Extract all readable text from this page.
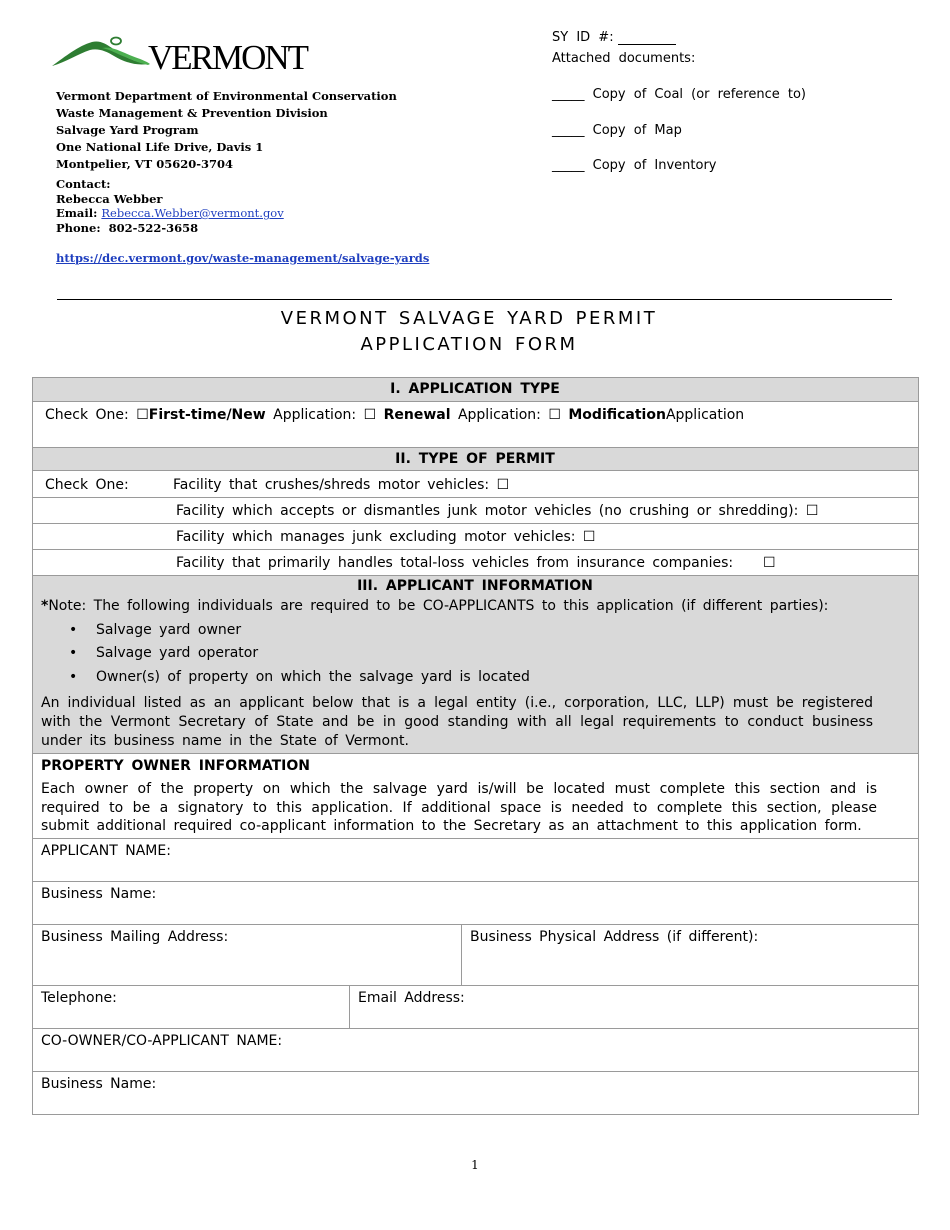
VERMONT
Vermont Department of Environmental Conservation
Waste Management & Prevention Division
Salvage Yard Program
One National Life Drive, Davis 1
Montpelier, VT 05620-3704
Contact:
Rebecca Webber
Email: Rebecca.Webber@vermont.gov
Phone: 802-522-3658
https://dec.vermont.gov/waste-management/salvage-yards
SY ID #:
Attached documents:
_____ Copy of Coal (or reference to)
_____ Copy of Map
_____ Copy of Inventory
VERMONT SALVAGE YARD PERMIT
APPLICATION FORM
I. APPLICATION TYPE
Check One: ☐First-time/New Application: ☐ Renewal Application: ☐ ModificationApplication
II. TYPE OF PERMIT
Check One:	Facility that crushes/shreds motor vehicles: ☐
Facility which accepts or dismantles junk motor vehicles (no crushing or shredding): ☐
Facility which manages junk excluding motor vehicles: ☐
Facility that primarily handles total-loss vehicles from insurance companies: ☐
III. APPLICANT INFORMATION
*Note: The following individuals are required to be CO-APPLICANTS to this application (if different parties):
• Salvage yard owner
• Salvage yard operator
• Owner(s) of property on which the salvage yard is located
An individual listed as an applicant below that is a legal entity (i.e., corporation, LLC, LLP) must be registered with the Vermont Secretary of State and be in good standing with all legal requirements to conduct business under its business name in the State of Vermont.
PROPERTY OWNER INFORMATION
Each owner of the property on which the salvage yard is/will be located must complete this section and is required to be a signatory to this application. If additional space is needed to complete this section, please submit additional required co-applicant information to the Secretary as an attachment to this application form.
APPLICANT NAME:
Business Name:
Business Mailing Address:	Business Physical Address (if different):
Telephone:	Email Address:
CO-OWNER/CO-APPLICANT NAME:
Business Name:
1
